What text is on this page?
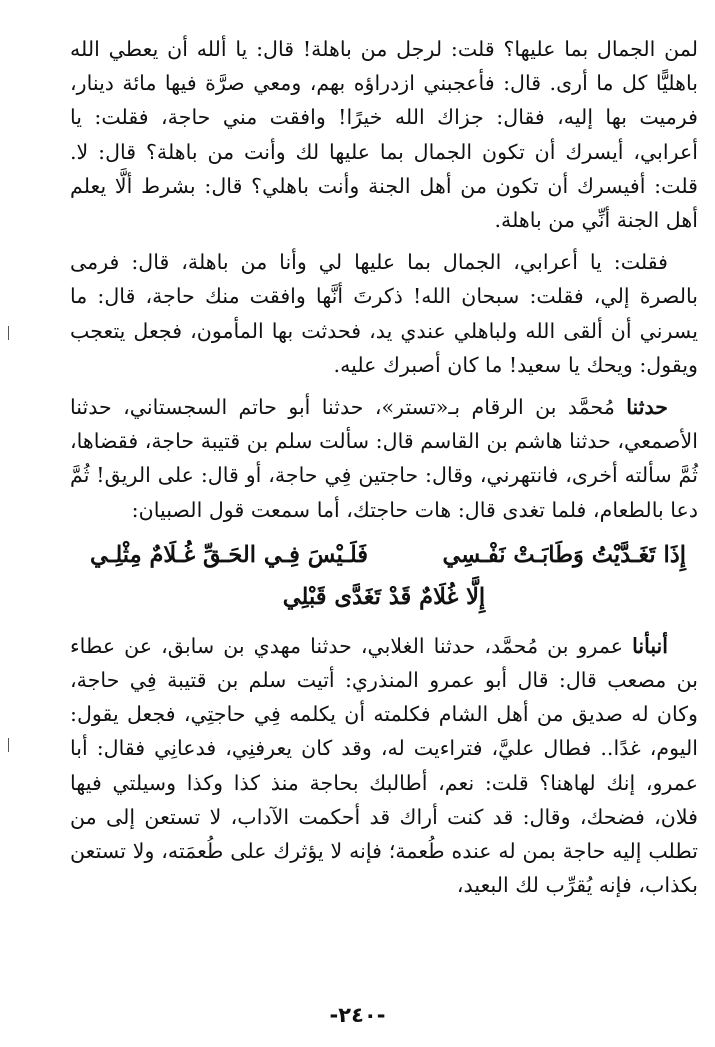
لمن الجمال بما عليها؟ قلت: لرجل من باهلة! قال: يا ألله أن يعطي الله باهليًّا كل ما أرى. قال: فأعجبني ازدراؤه بهم، ومعي صرَّة فيها مائة دينار، فرميت بها إليه، فقال: جزاك الله خيرًا! وافقت مني حاجة، فقلت: يا أعرابي، أيسرك أن تكون الجمال بما عليها لك وأنت من باهلة؟ قال: لا. قلت: أفيسرك أن تكون من أهل الجنة وأنت باهلي؟ قال: بشرط ألَّا يعلم أهل الجنة أنِّي من باهلة.

فقلت: يا أعرابي، الجمال بما عليها لي وأنا من باهلة، قال: فرمى بالصرة إلي، فقلت: سبحان الله! ذكرتَ أنَّها وافقت منك حاجة، قال: ما يسرني أن ألقى الله ولباهلي عندي يد، فحدثت بها المأمون، فجعل يتعجب ويقول: ويحك يا سعيد! ما كان أصبرك عليه.

حدثنا مُحمَّد بن الرقام بـ«تستر»، حدثنا أبو حاتم السجستاني، حدثنا الأصمعي، حدثنا هاشم بن القاسم قال: سألت سلم بن قتيبة حاجة، فقضاها، ثُمَّ سألته أخرى، فانتهرني، وقال: حاجتين فِي حاجة، أو قال: على الريق! ثُمَّ دعا بالطعام، فلما تغدى قال: هات حاجتك، أما سمعت قول الصبيان:

إِذَا تَغَـدَّيْتُ وَطَابَـتْ نَفْـسِي
فَلَـيْسَ فِـي الحَـقِّ غُـلَامٌ مِثْلِـي
إِلَّا غُلَامٌ قَدْ تَغَدَّى قَبْلِي

أنبأنا عمرو بن مُحمَّد، حدثنا الغلابي، حدثنا مهدي بن سابق، عن عطاء بن مصعب قال: قال أبو عمرو المنذري: أتيت سلم بن قتيبة فِي حاجة، وكان له صديق من أهل الشام فكلمته أن يكلمه فِي حاجتِي، فجعل يقول: اليوم، غدًا.. فطال عليَّ، فتراءيت له، وقد كان يعرفنِي، فدعانِي فقال: أبا عمرو، إنك لهاهنا؟ قلت: نعم، أطالبك بحاجة منذ كذا وكذا وسيلتي فيها فلان، فضحك، وقال: قد كنت أراك قد أحكمت الآداب، لا تستعن إلى من تطلب إليه حاجة بمن له عنده طُعمة؛ فإنه لا يؤثرك على طُعمَته، ولا تستعن بكذاب، فإنه يُقرِّب لك البعيد،

-٢٤٠-
